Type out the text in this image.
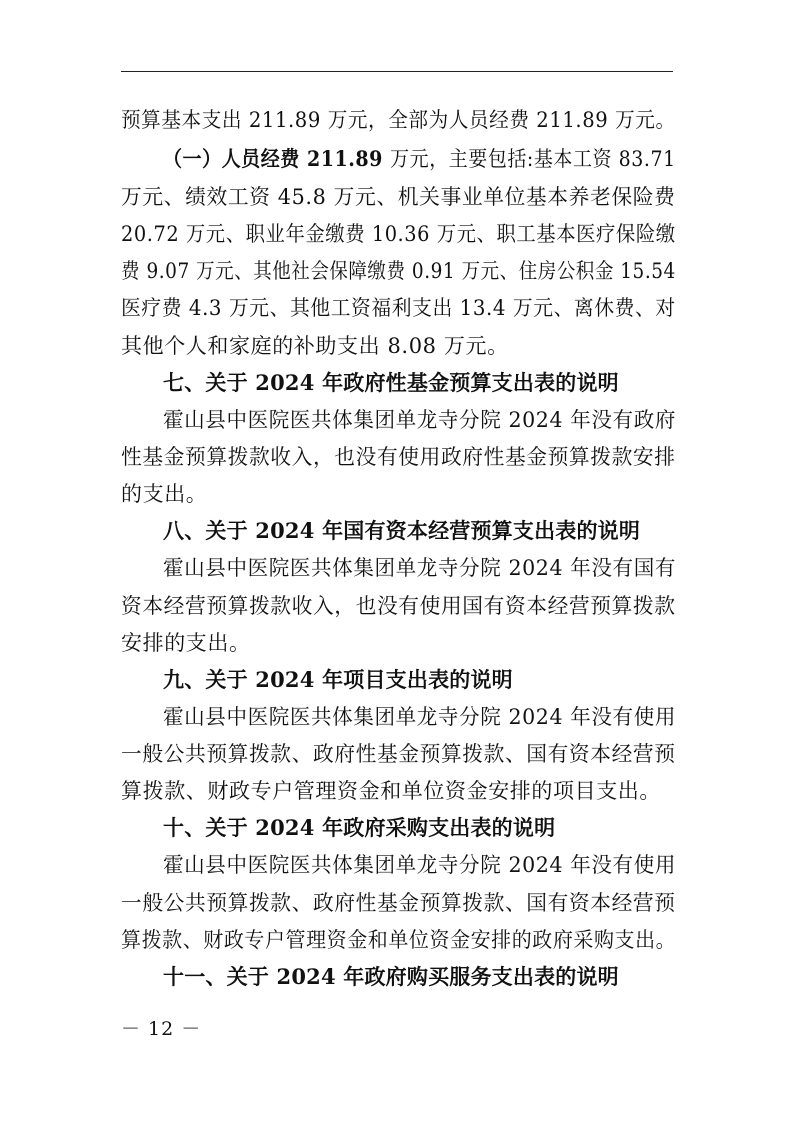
预算基本支出 211.89 万元，全部为人员经费 211.89 万元。
（一）人员经费 211.89 万元，主要包括:基本工资 83.71
万元、绩效工资 45.8 万元、机关事业单位基本养老保险费
20.72 万元、职业年金缴费 10.36 万元、职工基本医疗保险缴
费 9.07 万元、其他社会保障缴费 0.91 万元、住房公积金 15.54
医疗费 4.3 万元、其他工资福利支出 13.4 万元、离休费、对
其他个人和家庭的补助支出 8.08 万元。
七、关于 2024 年政府性基金预算支出表的说明
霍山县中医院医共体集团单龙寺分院 2024 年没有政府
性基金预算拨款收入，也没有使用政府性基金预算拨款安排
的支出。
八、关于 2024 年国有资本经营预算支出表的说明
霍山县中医院医共体集团单龙寺分院 2024 年没有国有
资本经营预算拨款收入，也没有使用国有资本经营预算拨款
安排的支出。
九、关于 2024 年项目支出表的说明
霍山县中医院医共体集团单龙寺分院 2024 年没有使用
一般公共预算拨款、政府性基金预算拨款、国有资本经营预
算拨款、财政专户管理资金和单位资金安排的项目支出。
十、关于 2024 年政府采购支出表的说明
霍山县中医院医共体集团单龙寺分院 2024 年没有使用
一般公共预算拨款、政府性基金预算拨款、国有资本经营预
算拨款、财政专户管理资金和单位资金安排的政府采购支出。
十一、关于 2024 年政府购买服务支出表的说明
－ 12 －
